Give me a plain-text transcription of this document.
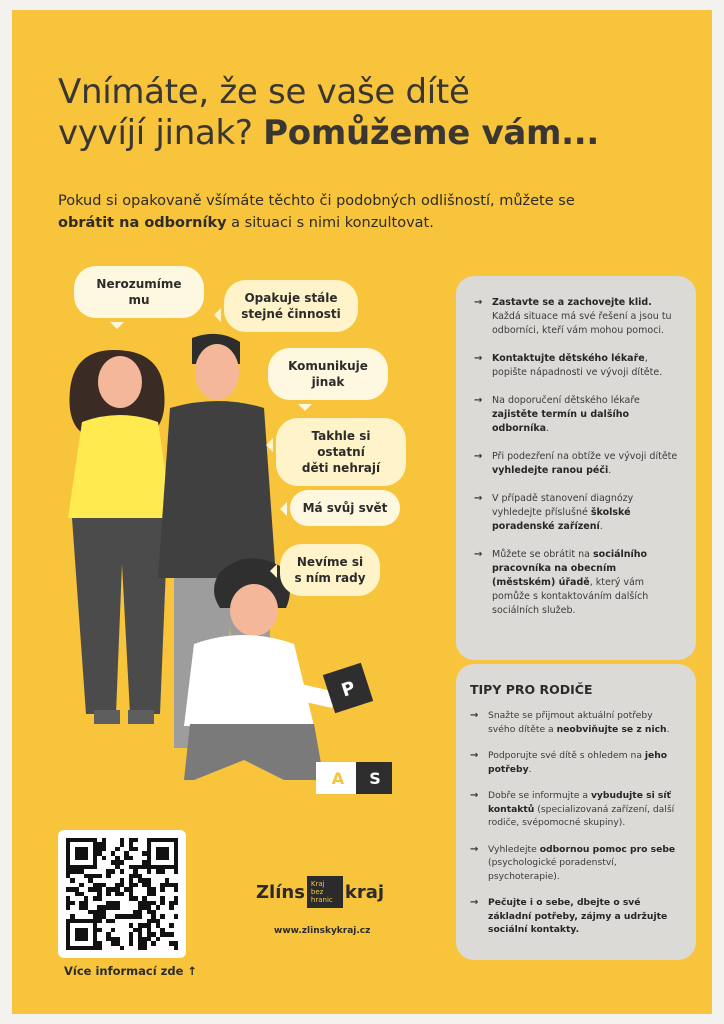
Vnímáte, že se vaše dítě
vyvíjí jinak? Pomůžeme vám...

Pokud si opakovaně všímáte těchto či podobných odlišností, můžete se obrátit na odborníky a situaci s nimi konzultovat.

P
A S
Nerozumíme mu	Opakuje stále
stejné činnosti
Komunikuje
jinak
Takhle si ostatní
děti nehrají
Má svůj svět
Nevíme si
s ním rady
→ Zastavte se a zachovejte klid.
Každá situace má své řešení a jsou tu odborníci, kteří vám mohou pomoci.
→ Kontaktujte dětského lékaře, popište nápadnosti ve vývoji dítěte.
→ Na doporučení dětského lékaře zajistěte termín u dalšího odborníka.
→ Při podezření na obtíže ve vývoji dítěte vyhledejte ranou péči.
→ V případě stanovení diagnózy vyhledejte příslušné školské poradenské zařízení.
→ Můžete se obrátit na sociálního pracovníka na obecním (městském) úřadě, který vám pomůže s kontaktováním dalších sociálních služeb.
TIPY PRO RODIČE
→ Snažte se přijmout aktuální potřeby svého dítěte a neobviňujte se z nich.
→ Podporujte své dítě s ohledem na jeho potřeby.
→ Dobře se informujte a vybudujte si síť kontaktů (specializovaná zařízení, další rodiče, svépomocné skupiny).
→ Vyhledejte odbornou pomoc pro sebe (psychologické poradenství, psychoterapie).
→ Pečujte i o sebe, dbejte o své základní potřeby, zájmy a udržujte sociální kontakty.
Více informací zde ↑
Zlíns Kraj bez hranic kraj
www.zlinskykraj.cz
